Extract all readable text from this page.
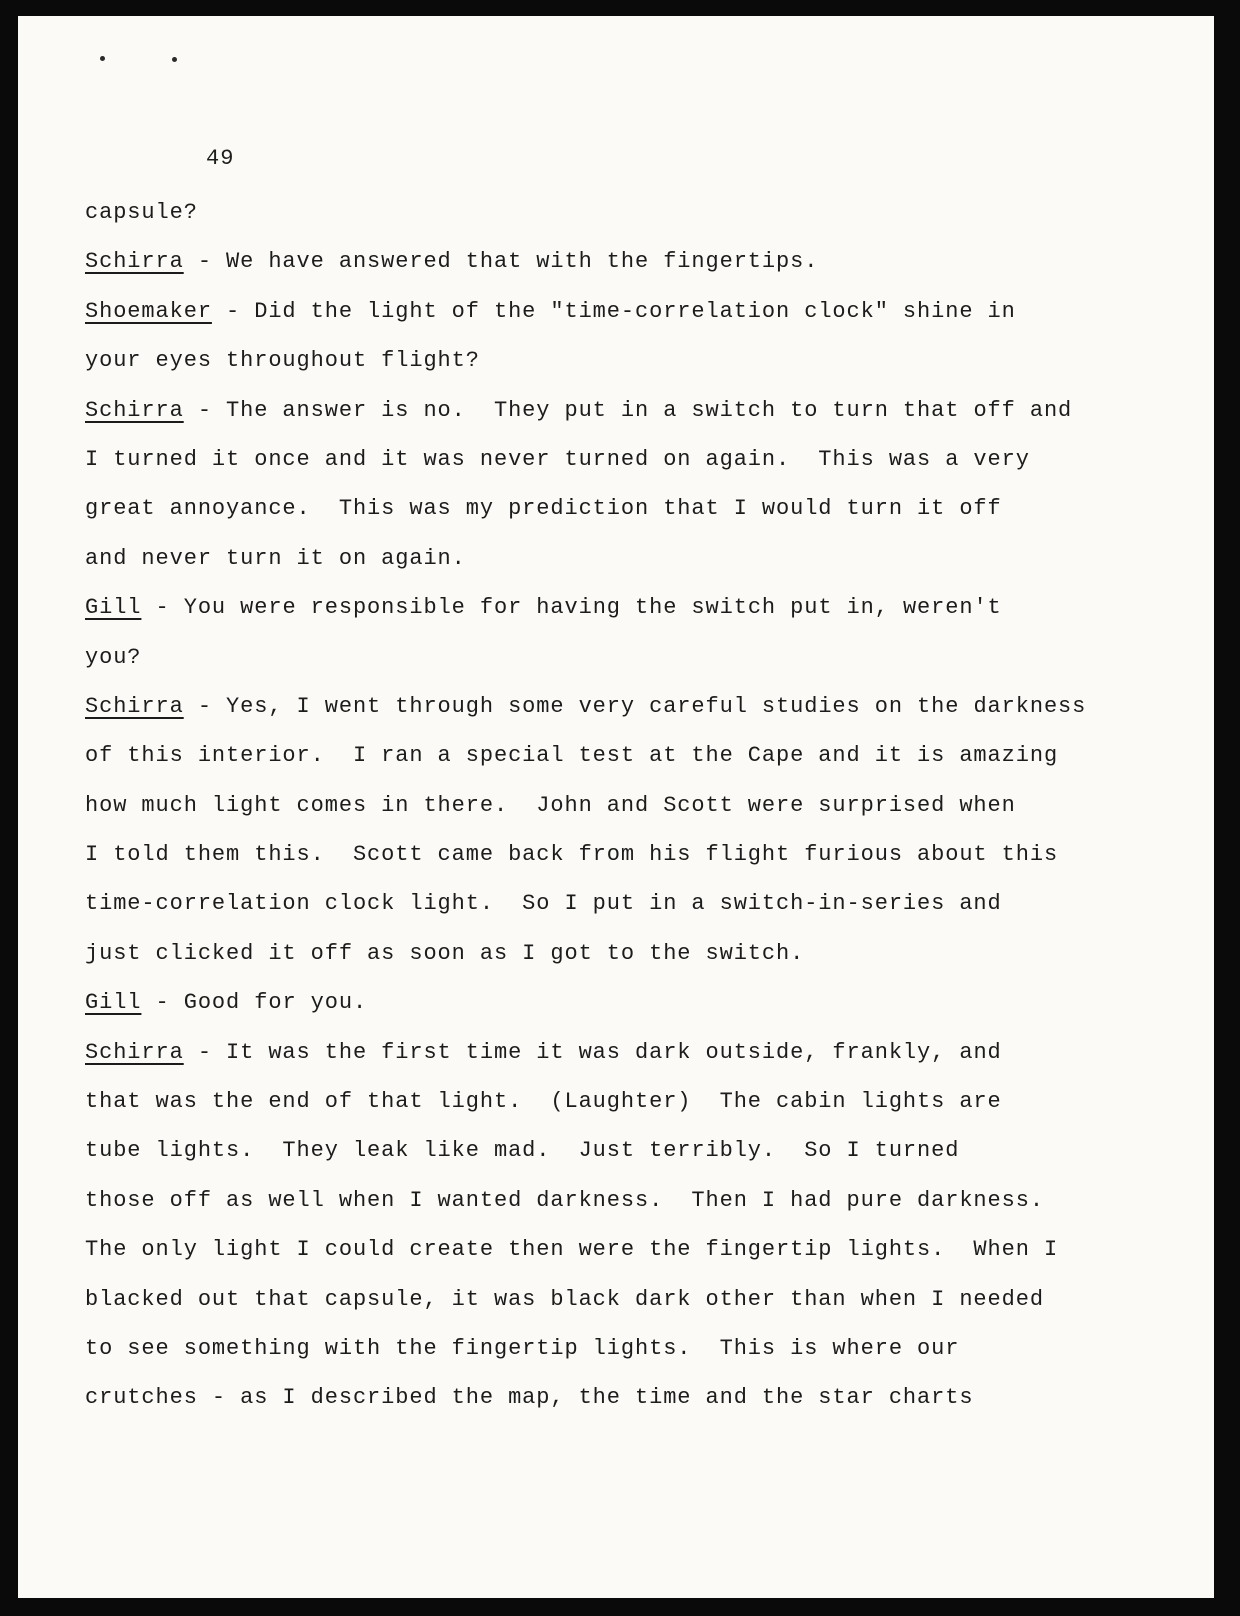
49
capsule?
Schirra - We have answered that with the fingertips.
Shoemaker - Did the light of the "time-correlation clock" shine in
your eyes throughout flight?
Schirra - The answer is no.  They put in a switch to turn that off and
I turned it once and it was never turned on again.  This was a very
great annoyance.  This was my prediction that I would turn it off
and never turn it on again.
Gill - You were responsible for having the switch put in, weren't
you?
Schirra - Yes, I went through some very careful studies on the darkness
of this interior.  I ran a special test at the Cape and it is amazing
how much light comes in there.  John and Scott were surprised when
I told them this.  Scott came back from his flight furious about this
time-correlation clock light.  So I put in a switch-in-series and
just clicked it off as soon as I got to the switch.
Gill - Good for you.
Schirra - It was the first time it was dark outside, frankly, and
that was the end of that light.  (Laughter)  The cabin lights are
tube lights.  They leak like mad.  Just terribly.  So I turned
those off as well when I wanted darkness.  Then I had pure darkness.
The only light I could create then were the fingertip lights.  When I
blacked out that capsule, it was black dark other than when I needed
to see something with the fingertip lights.  This is where our
crutches - as I described the map, the time and the star charts
